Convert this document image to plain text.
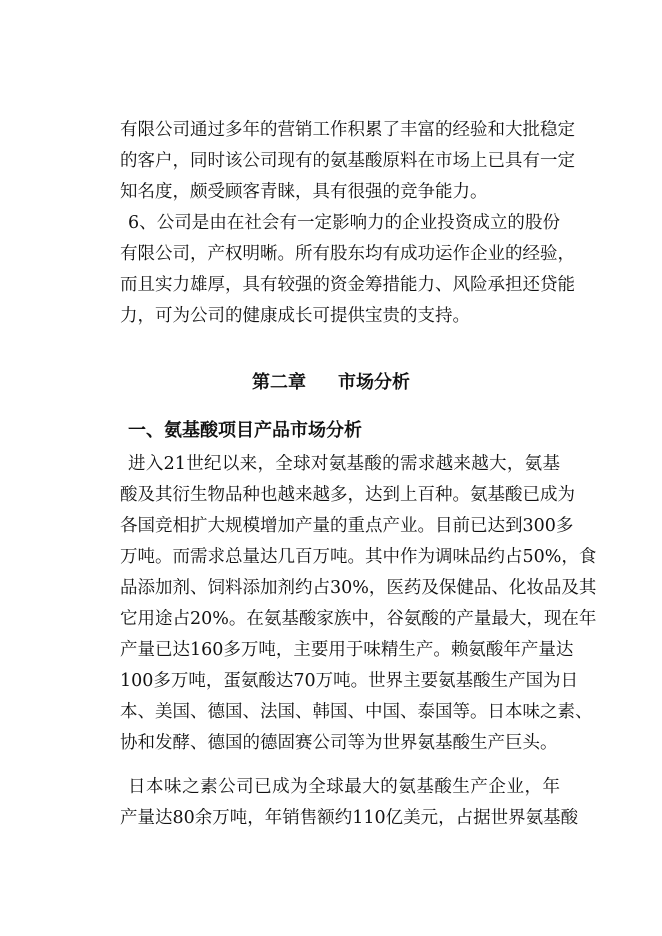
有限公司通过多年的营销工作积累了丰富的经验和大批稳定
的客户，同时该公司现有的氨基酸原料在市场上已具有一定
知名度，颇受顾客青睐，具有很强的竞争能力。
6、公司是由在社会有一定影响力的企业投资成立的股份
有限公司，产权明晰。所有股东均有成功运作企业的经验，
而且实力雄厚，具有较强的资金筹措能力、风险承担还贷能
力，可为公司的健康成长可提供宝贵的支持。
第二章 市场分析
一、氨基酸项目产品市场分析
进入21世纪以来，全球对氨基酸的需求越来越大，氨基
酸及其衍生物品种也越来越多，达到上百种。氨基酸已成为
各国竞相扩大规模增加产量的重点产业。目前已达到300多
万吨。而需求总量达几百万吨。其中作为调味品约占50%，食
品添加剂、饲料添加剂约占30%，医药及保健品、化妆品及其
它用途占20%。在氨基酸家族中，谷氨酸的产量最大，现在年
产量已达160多万吨，主要用于味精生产。赖氨酸年产量达
100多万吨，蛋氨酸达70万吨。世界主要氨基酸生产国为日
本、美国、德国、法国、韩国、中国、泰国等。日本味之素、
协和发酵、德国的德固赛公司等为世界氨基酸生产巨头。
日本味之素公司已成为全球最大的氨基酸生产企业，年
产量达80余万吨，年销售额约110亿美元，占据世界氨基酸
